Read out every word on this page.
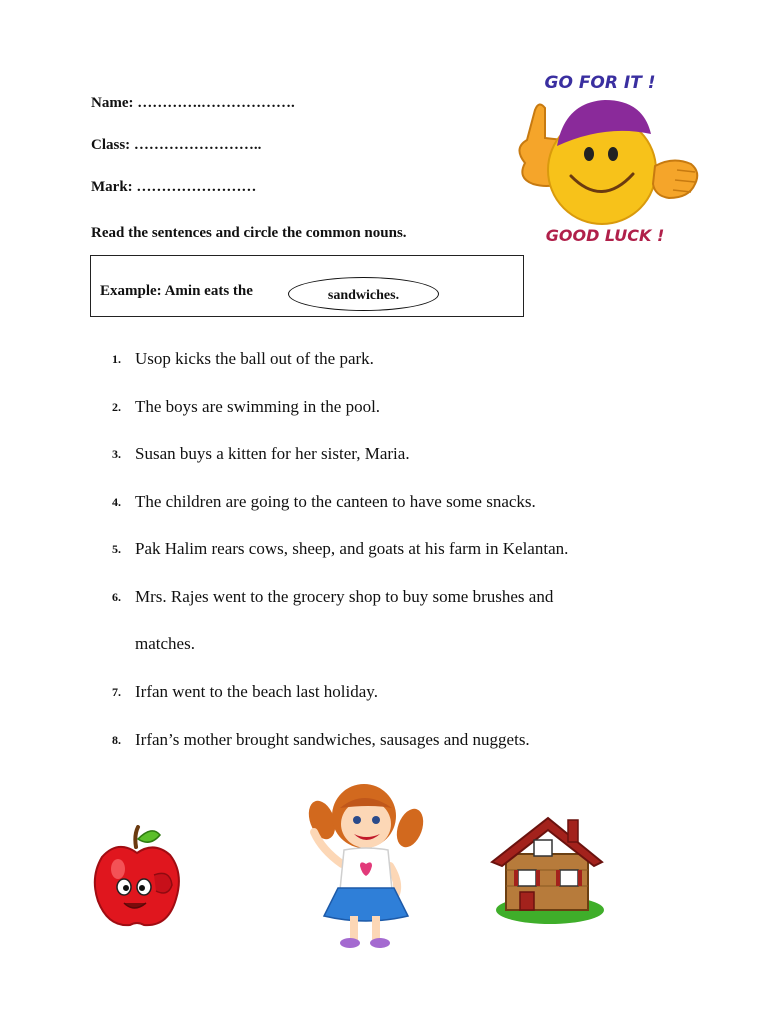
Name: ………….……………….
Class: ……………………..
Mark: ……………………
GO FOR IT !
GOOD LUCK !
Read the sentences and circle the common nouns.
Example: Amin eats the	sandwiches.
1. Usop kicks the ball out of the park.
2. The boys are swimming in the pool.
3. Susan buys a kitten for her sister, Maria.
4. The children are going to the canteen to have some snacks.
5. Pak Halim rears cows, sheep, and goats at his farm in Kelantan.
6. Mrs. Rajes went to the grocery shop to buy some brushes and
matches.
7. Irfan went to the beach last holiday.
8. Irfan’s mother brought sandwiches, sausages and nuggets.
